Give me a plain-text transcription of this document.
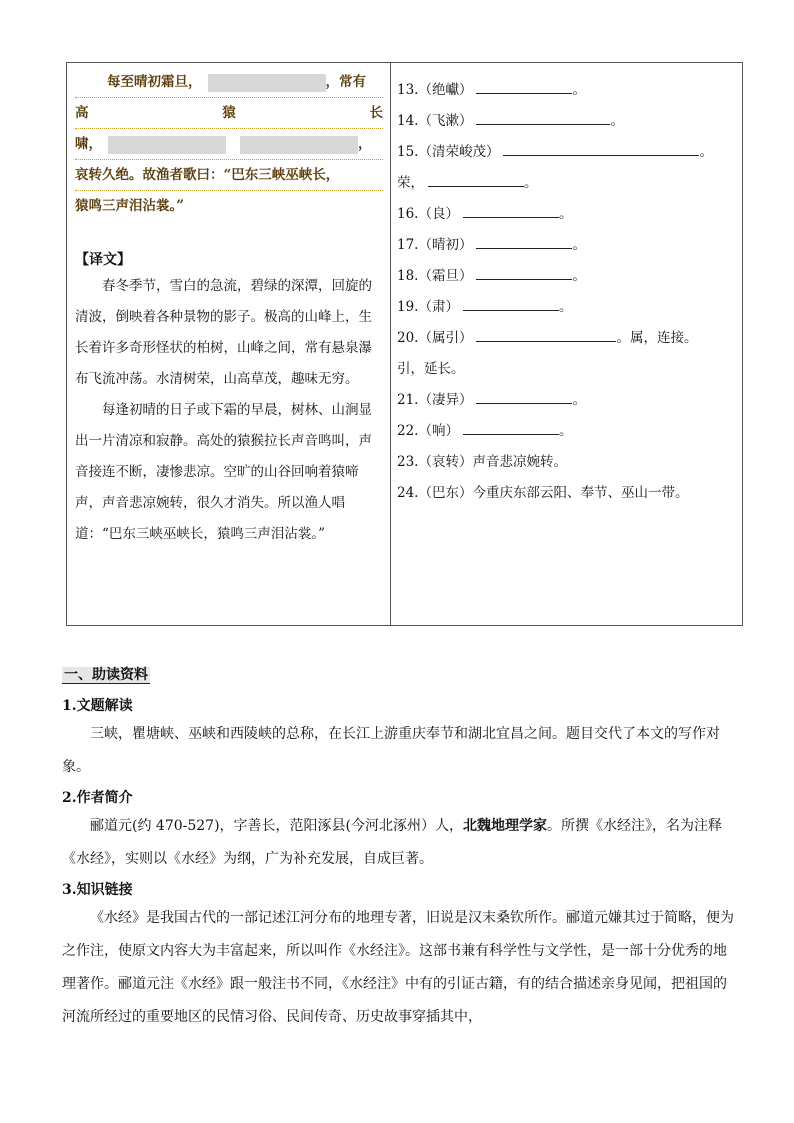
每至晴初霜旦，	，常有
高	猿	长
啸，	，
哀转久绝。故渔者歌曰：“巴东三峡巫峡长，
猿鸣三声泪沾裳。”
【译文】

春冬季节，雪白的急流，碧绿的深潭，回旋的清波，倒映着各种景物的影子。极高的山峰上，生长着许多奇形怪状的柏树，山峰之间，常有悬泉瀑布飞流冲荡。水清树荣，山高草茂，趣味无穷。

每逢初晴的日子或下霜的早晨，树林、山涧显出一片清凉和寂静。高处的猿猴拉长声音鸣叫，声音接连不断，凄惨悲凉。空旷的山谷回响着猿啼声，声音悲凉婉转，很久才消失。所以渔人唱道：“巴东三峡巫峡长，猿鸣三声泪沾裳。”

13.（绝巘）	。
14.（飞漱）	。
15.（清荣峻茂）	。
荣，	。
16.（良）	。
17.（晴初）	。
18.（霜旦）	。
19.（肃）	。
20.（属引）	。属，连接。
引，延长。
21.（凄异）	。
22.（响）	。
23.（哀转）声音悲凉婉转。
24.（巴东）今重庆东部云阳、奉节、巫山一带。
一、助读资料
1.文题解读

三峡，瞿塘峡、巫峡和西陵峡的总称，在长江上游重庆奉节和湖北宜昌之间。题目交代了本文的写作对象。

2.作者简介

郦道元(约 470-527)，字善长，范阳涿县(今河北涿州）人，北魏地理学家。所撰《水经注》，名为注释《水经》，实则以《水经》为纲，广为补充发展，自成巨著。

3.知识链接

《水经》是我国古代的一部记述江河分布的地理专著，旧说是汉末桑钦所作。郦道元嫌其过于简略，便为之作注，使原文内容大为丰富起来，所以叫作《水经注》。这部书兼有科学性与文学性，是一部十分优秀的地理著作。郦道元注《水经》跟一般注书不同，《水经注》中有的引证古籍，有的结合描述亲身见闻，把祖国的河流所经过的重要地区的民情习俗、民间传奇、历史故事穿插其中，
